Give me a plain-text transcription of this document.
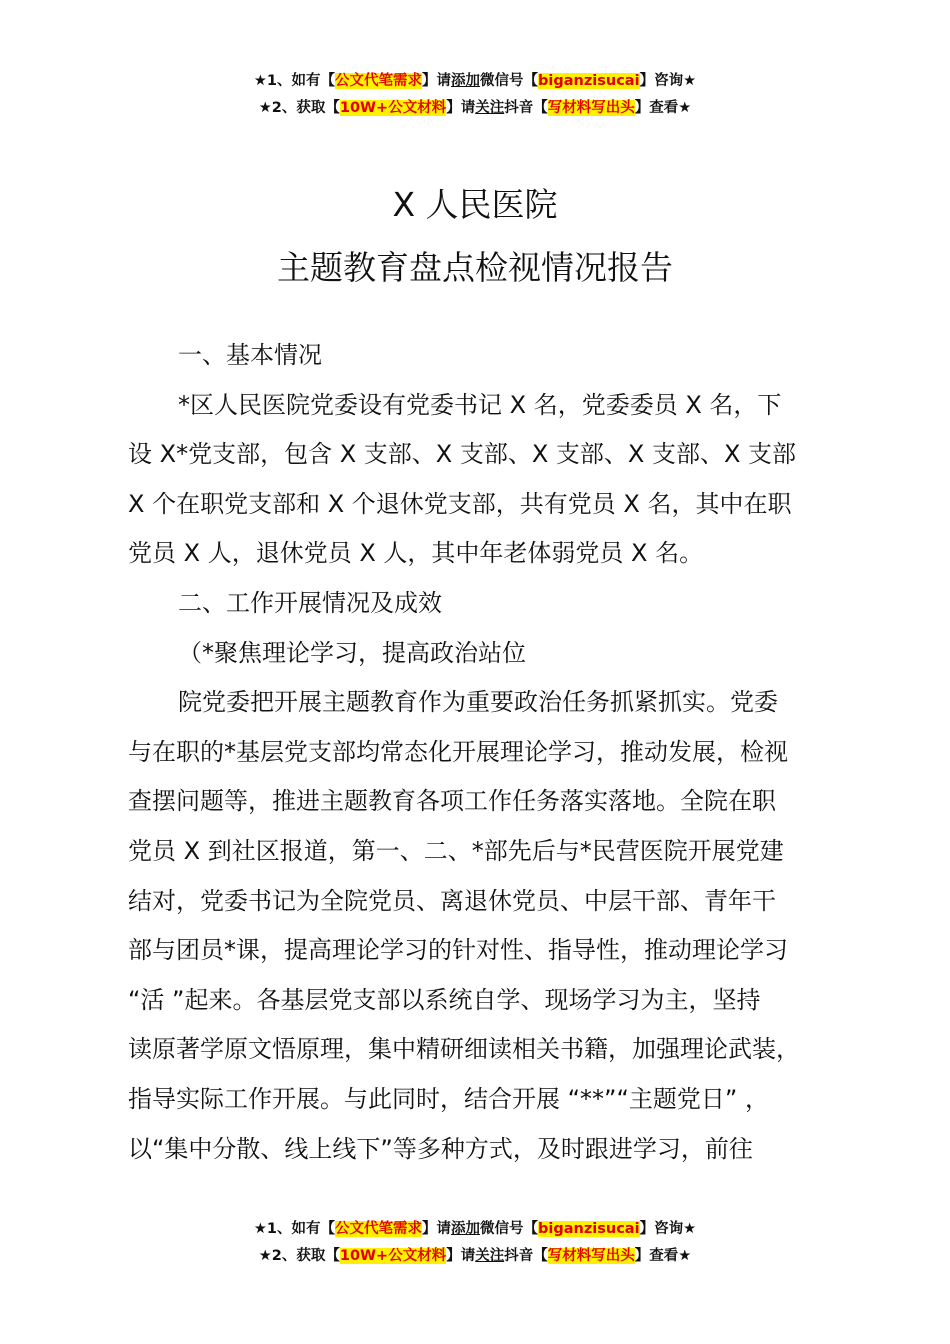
★1、如有【公文代笔需求】请添加微信号【biganzisucai】咨询★
★2、获取【10W+公文材料】请关注抖音【写材料写出头】查看★
X 人民医院
主题教育盘点检视情况报告
一、基本情况
*区人民医院党委设有党委书记 X 名，党委委员 X 名，下
设 X*党支部，包含 X 支部、X 支部、X 支部、X 支部、X 支部
X 个在职党支部和 X 个退休党支部，共有党员 X 名，其中在职
党员 X 人，退休党员 X 人，其中年老体弱党员 X 名。
二、工作开展情况及成效
（*聚焦理论学习，提高政治站位
院党委把开展主题教育作为重要政治任务抓紧抓实。党委
与在职的*基层党支部均常态化开展理论学习，推动发展，检视
查摆问题等，推进主题教育各项工作任务落实落地。全院在职
党员 X 到社区报道，第一、二、*部先后与*民营医院开展党建
结对，党委书记为全院党员、离退休党员、中层干部、青年干
部与团员*课，提高理论学习的针对性、指导性，推动理论学习
“活 ”起来。各基层党支部以系统自学、现场学习为主，坚持
读原著学原文悟原理，集中精研细读相关书籍，加强理论武装，
指导实际工作开展。与此同时，结合开展 “**”“主题党日” ，
以“集中分散、线上线下”等多种方式，及时跟进学习，前往
★1、如有【公文代笔需求】请添加微信号【biganzisucai】咨询★
★2、获取【10W+公文材料】请关注抖音【写材料写出头】查看★
